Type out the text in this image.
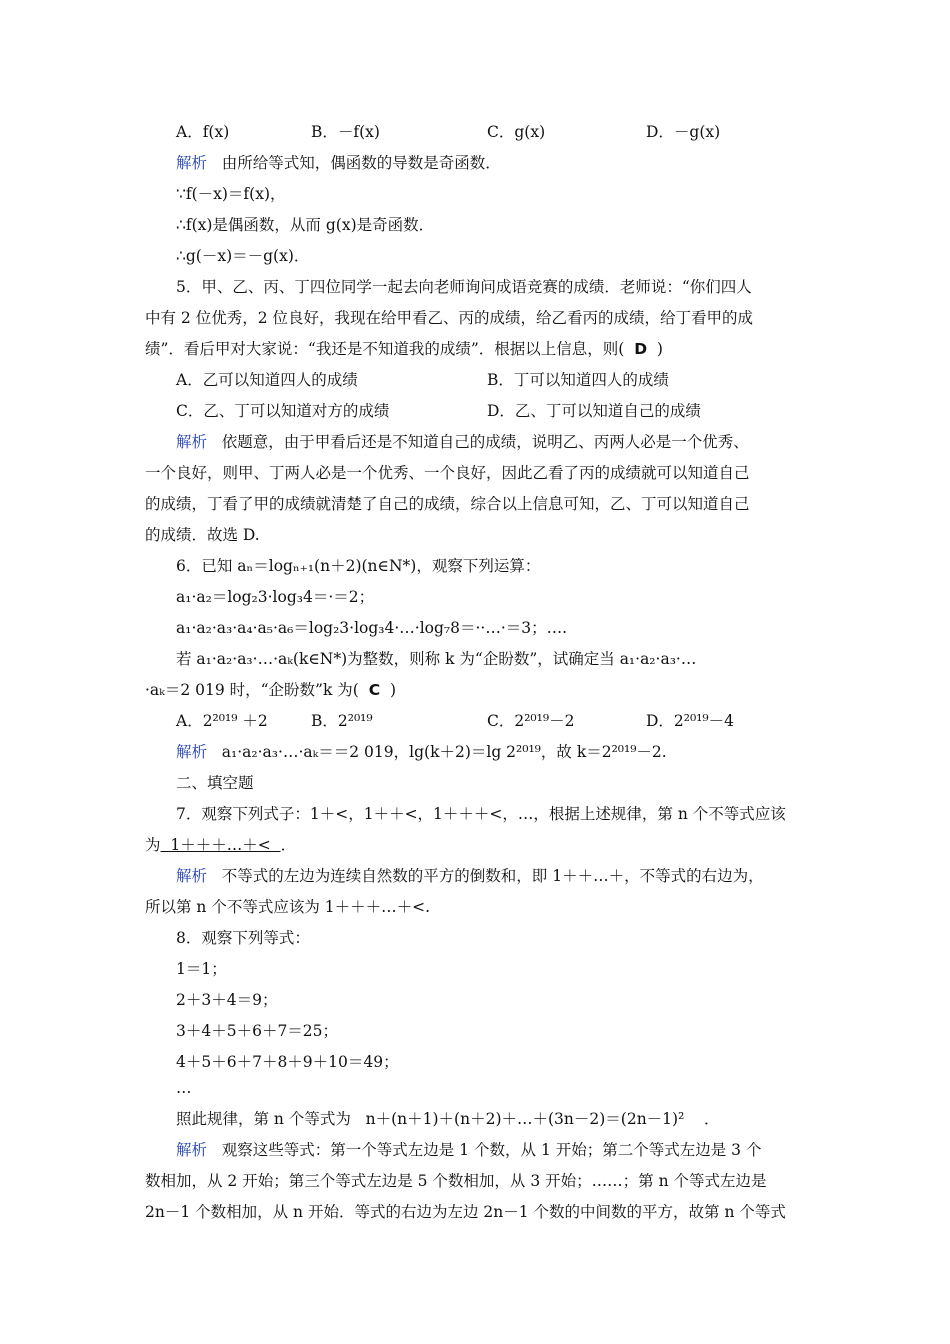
A．f(x)	B．－f(x)	C．g(x)	D．－g(x)
解析 由所给等式知，偶函数的导数是奇函数．
∵f(－x)＝f(x)，
∴f(x)是偶函数，从而 g(x)是奇函数．
∴g(－x)＝－g(x)．
5．甲、乙、丙、丁四位同学一起去向老师询问成语竞赛的成绩．老师说：“你们四人
中有 2 位优秀，2 位良好，我现在给甲看乙、丙的成绩，给乙看丙的成绩，给丁看甲的成
绩”．看后甲对大家说：“我还是不知道我的成绩”．根据以上信息，则( D )
A．乙可以知道四人的成绩	B．丁可以知道四人的成绩
C．乙、丁可以知道对方的成绩	D．乙、丁可以知道自己的成绩
解析 依题意，由于甲看后还是不知道自己的成绩，说明乙、丙两人必是一个优秀、
一个良好，则甲、丁两人必是一个优秀、一个良好，因此乙看了丙的成绩就可以知道自己
的成绩，丁看了甲的成绩就清楚了自己的成绩，综合以上信息可知，乙、丁可以知道自己
的成绩．故选 D.
6．已知 aₙ＝logₙ₊₁(n＋2)(n∈N*)，观察下列运算：
a₁·a₂＝log₂3·log₃4＝·＝2；
a₁·a₂·a₃·a₄·a₅·a₆＝log₂3·log₃4·…·log₇8＝··…·＝3；….
若 a₁·a₂·a₃·…·aₖ(k∈N*)为整数，则称 k 为“企盼数”，试确定当 a₁·a₂·a₃·…
·aₖ＝2 019 时，“企盼数”k 为( C )
A．2²⁰¹⁹ ＋2	B．2²⁰¹⁹	C．2²⁰¹⁹－2	D．2²⁰¹⁹－4
解析 a₁·a₂·a₃·…·aₖ＝＝2 019，lg(k＋2)＝lg 2²⁰¹⁹，故 k＝2²⁰¹⁹－2.
二、填空题
7．观察下列式子：1＋<，1＋＋<，1＋＋＋<，…，根据上述规律，第 n 个不等式应该
为  1＋＋＋…＋<  ．
解析 不等式的左边为连续自然数的平方的倒数和，即 1＋＋…＋，不等式的右边为，
所以第 n 个不等式应该为 1＋＋＋…＋<.
8．观察下列等式：
1＝1；
2＋3＋4＝9；
3＋4＋5＋6＋7＝25；
4＋5＋6＋7＋8＋9＋10＝49；
…
照此规律，第 n 个等式为 n＋(n＋1)＋(n＋2)＋…＋(3n－2)＝(2n－1)² ．
解析 观察这些等式：第一个等式左边是 1 个数，从 1 开始；第二个等式左边是 3 个
数相加，从 2 开始；第三个等式左边是 5 个数相加，从 3 开始；……；第 n 个等式左边是
2n－1 个数相加，从 n 开始．等式的右边为左边 2n－1 个数的中间数的平方，故第 n 个等式
